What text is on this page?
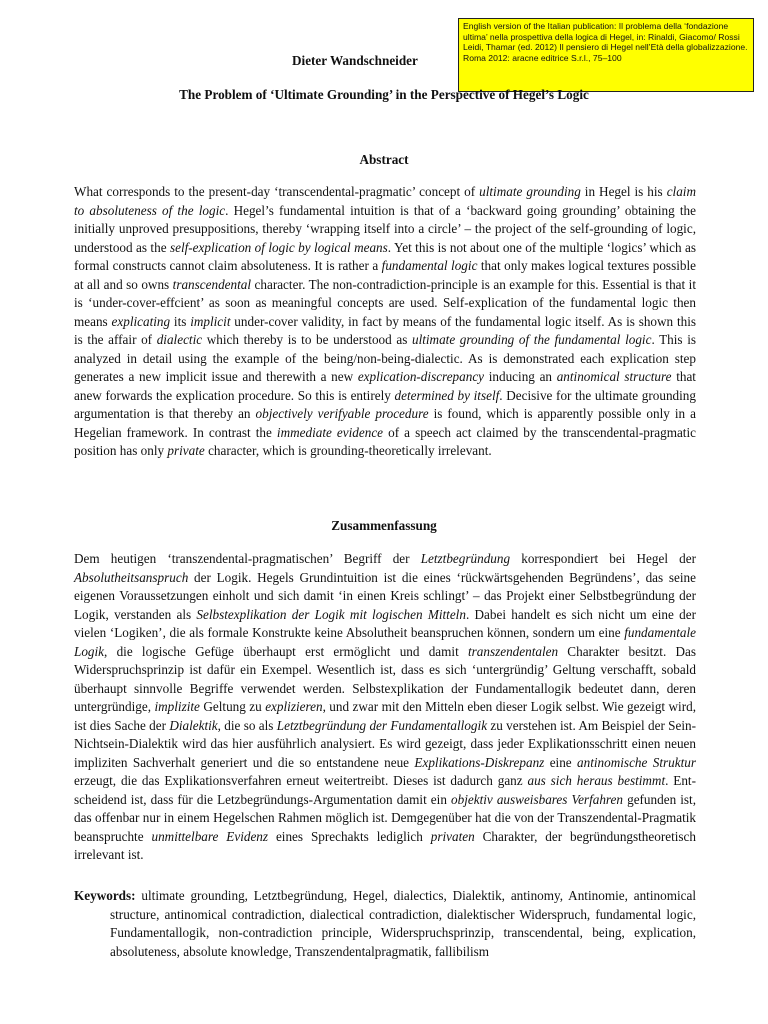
English version of the Italian publication: Il problema della ‘fondazione ultima’ nella prospettiva della logica di Hegel, in: Rinaldi, Giacomo/ Rossi Leidi, Thamar (ed. 2012) Il pensiero di Hegel nell’Età della globalizzazione. Roma 2012: aracne editrice S.r.l., 75–100
Dieter Wandschneider
The Problem of ‘Ultimate Grounding’ in the Perspective of Hegel’s Logic
Abstract
What corresponds to the present-day ‘transcendental-pragmatic’ concept of ultimate grounding in Hegel is his claim to absoluteness of the logic. Hegel’s fundamental intuition is that of a ‘backward going grounding’ obtaining the initially unproved presuppositions, thereby ‘wrapping itself into a circle’ – the project of the self-grounding of logic, understood as the self-explication of logic by logical means. Yet this is not about one of the multiple ‘logics’ which as formal constructs cannot claim absoluteness. It is rather a fundamental logic that only makes logical textures possible at all and so owns transcendental character. The non-contradiction-principle is an example for this. Essential is that it is ‘under-cover-effcient’ as soon as meaningful concepts are used. Self-explication of the fundamental logic then means explicating its implicit under-cover validity, in fact by means of the fundamental logic itself. As is shown this is the affair of dialectic which thereby is to be understood as ultimate grounding of the fundamental logic. This is analyzed in detail using the example of the being/non-being-dialectic. As is demonstrated each explication step generates a new implicit issue and therewith a new explication-discrepancy inducing an antinomical structure that anew forwards the explication procedure. So this is entirely determined by itself. Decisive for the ultimate grounding argumentation is that thereby an objectively verifyable procedure is found, which is apparently possible only in a Hegelian framework. In contrast the immediate evidence of a speech act claimed by the transcendental-pragmatic position has only private character, which is grounding-theoretically irrelevant.
Zusammenfassung
Dem heutigen ‘transzendental-pragmatischen’ Begriff der Letztbegründung korrespondiert bei Hegel der Absolutheitsanspruch der Logik. Hegels Grundintuition ist die eines ‘rückwärtsgehenden Begründens’, das seine eigenen Voraussetzungen einholt und sich damit ‘in einen Kreis schlingt’ – das Projekt einer Selbstbegründung der Logik, verstanden als Selbstexplikation der Logik mit logischen Mitteln. Dabei handelt es sich nicht um eine der vielen ‘Logiken’, die als formale Konstrukte keine Absolutheit beanspruchen können, sondern um eine fundamentale Logik, die logische Gefüge überhaupt erst ermöglicht und damit transzendentalen Charakter besitzt. Das Widerspruchsprinzip ist dafür ein Exempel. Wesentlich ist, dass es sich ‘untergründig’ Geltung verschafft, sobald überhaupt sinnvolle Begriffe verwendet werden. Selbstexplikation der Fundamentallogik bedeutet dann, deren untergründige, implizite Geltung zu explizieren, und zwar mit den Mitteln eben dieser Logik selbst. Wie gezeigt wird, ist dies Sache der Dialektik, die so als Letztbegründung der Fundamentallogik zu verstehen ist. Am Beispiel der Sein-Nichtsein-Dialektik wird das hier ausführlich analysiert. Es wird gezeigt, dass jeder Explikationsschritt einen neuen impliziten Sachverhalt generiert und die so entstandene neue Explikations-Diskrepanz eine antinomische Struktur erzeugt, die das Explikationsverfahren erneut weitertreibt. Dieses ist dadurch ganz aus sich heraus bestimmt. Entscheidend ist, dass für die Letzbegründungs-Argumentation damit ein objektiv ausweisbares Verfahren gefunden ist, das offenbar nur in einem Hegelschen Rahmen möglich ist. Demgegenüber hat die von der Transzendental-Pragmatik beanspruchte unmittelbare Evidenz eines Sprechakts lediglich privaten Charakter, der begründungstheoretisch irrelevant ist.
Keywords: ultimate grounding, Letztbegründung, Hegel, dialectics, Dialektik, antinomy, Antinomie, antinomical structure, antinomical contradiction, dialectical contradiction, dialektischer Widerspruch, fundamental logic, Fundamentallogik, non-contradiction principle, Widerspruchsprinzip, transcendental, being, explication, absoluteness, absolute knowledge, Transzendentalpragmatik, fallibilism
